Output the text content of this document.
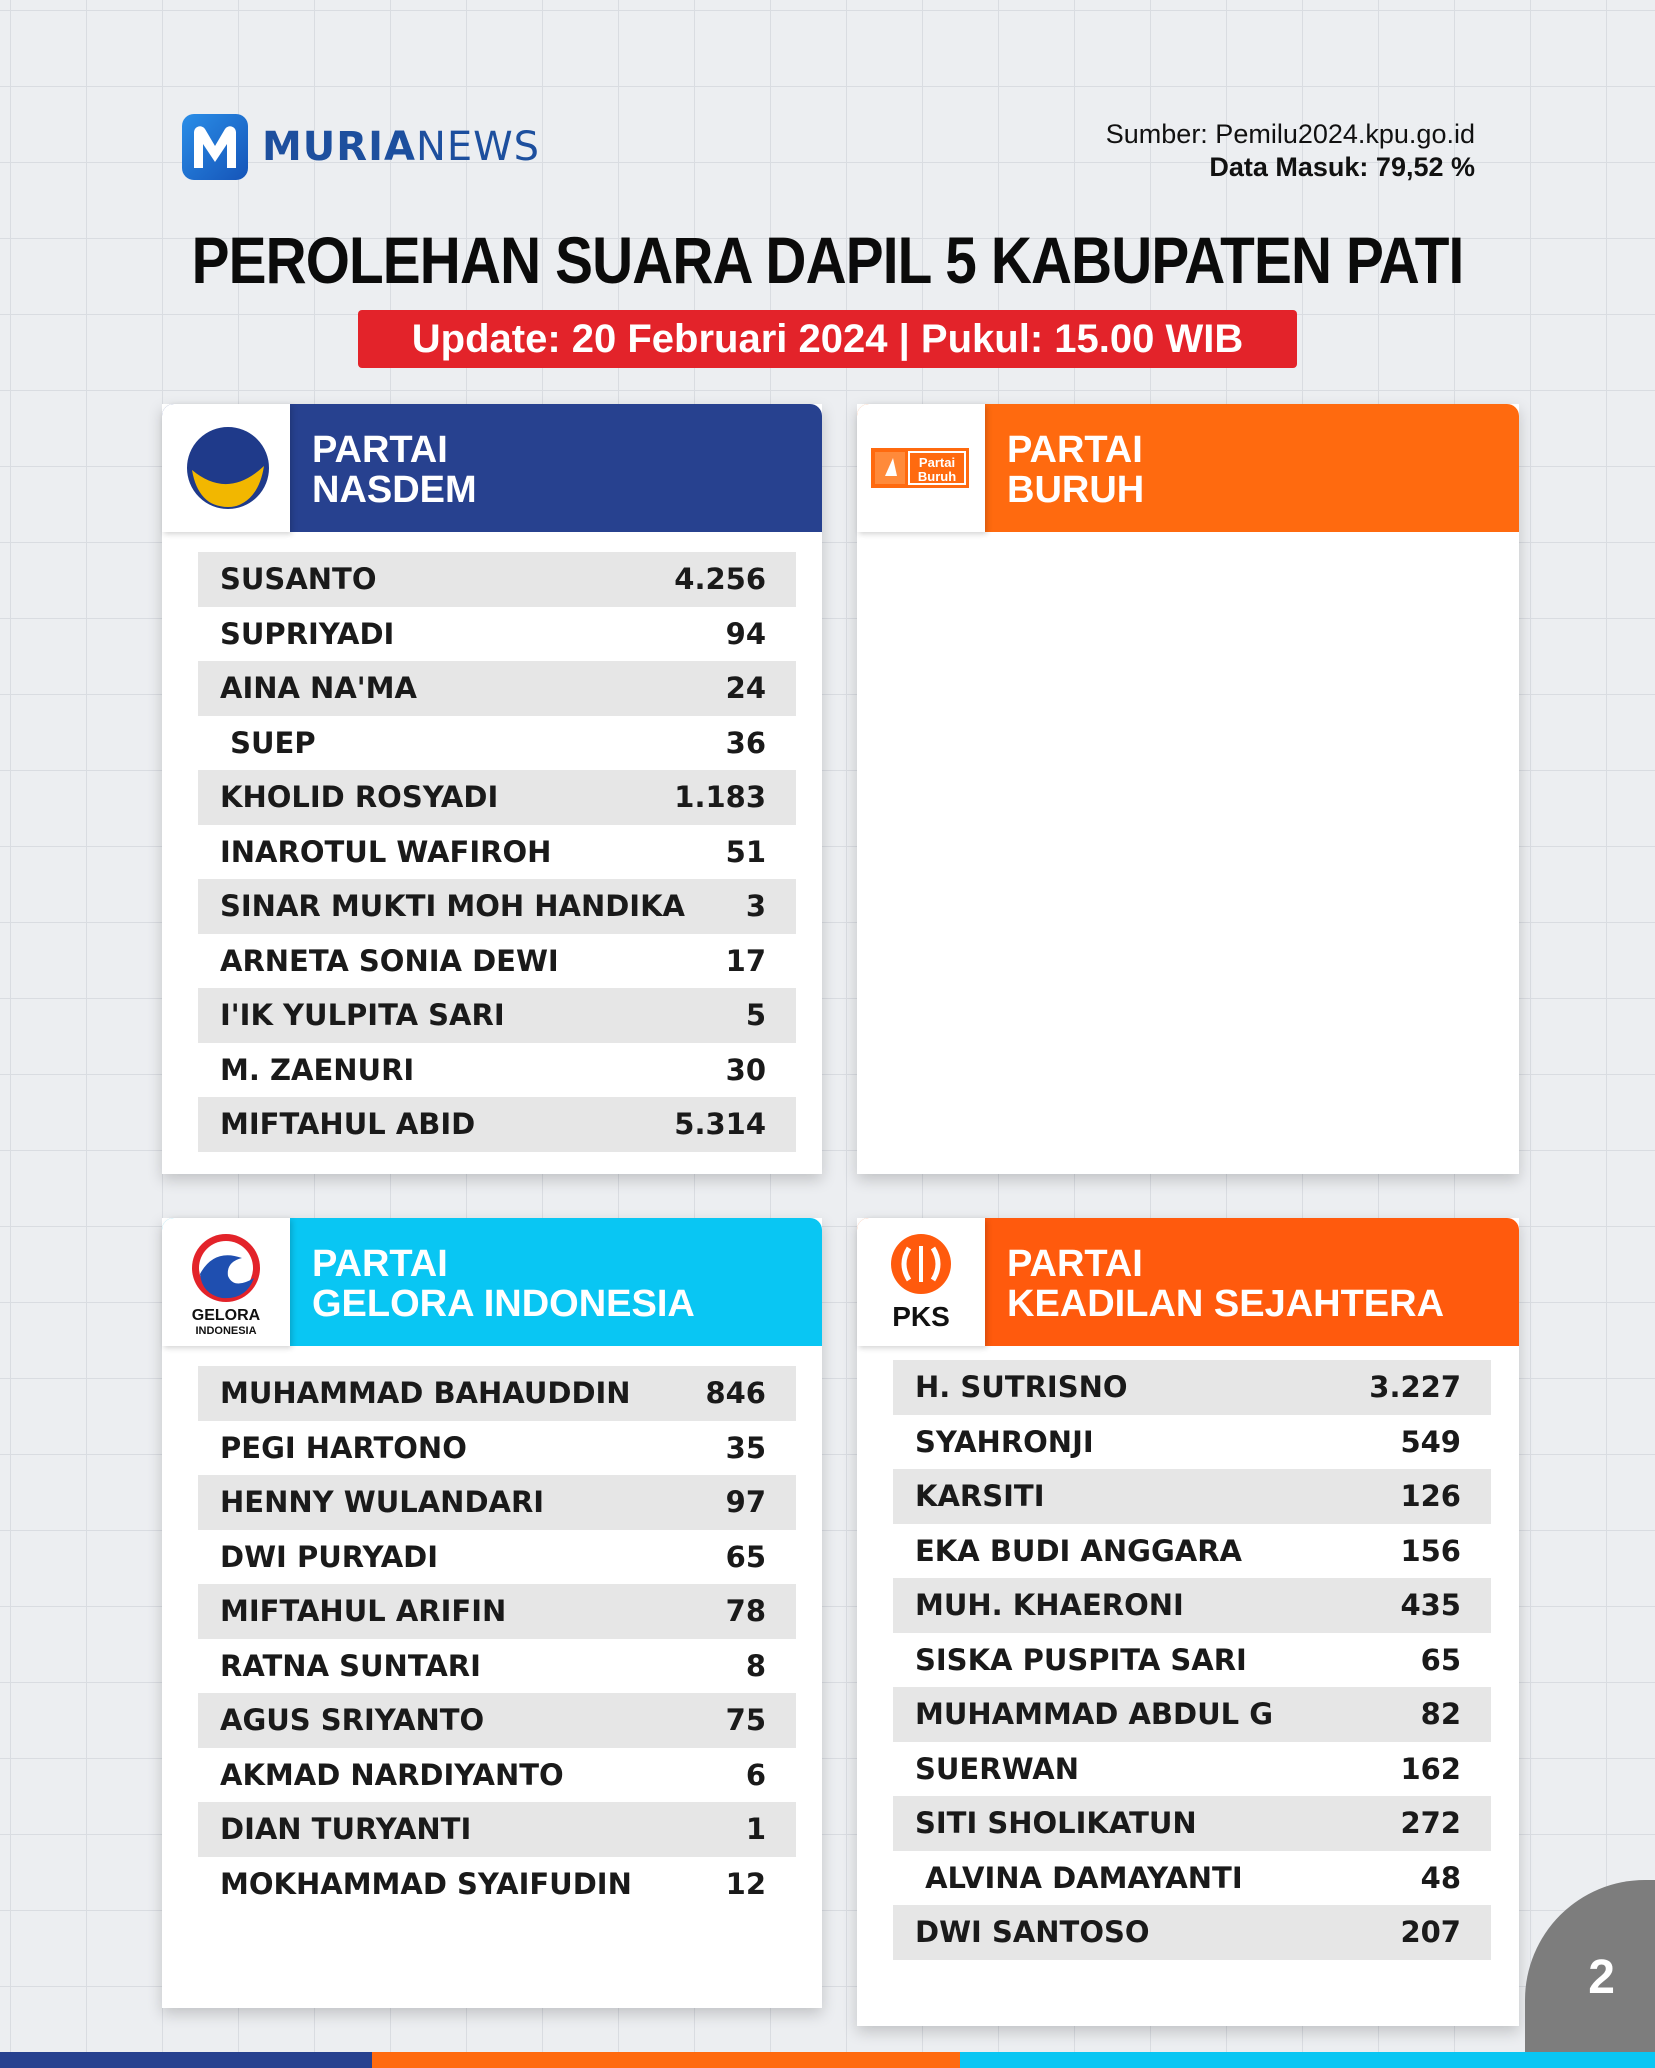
MURIANEWS	Sumber: Pemilu2024.kpu.go.id
Data Masuk: 79,52 %
PEROLEHAN SUARA DAPIL 5 KABUPATEN PATI
Update: 20 Februari 2024 | Pukul: 15.00 WIB
PARTAI
NASDEM
SUSANTO	4.256
SUPRIYADI	94
AINA NA'MA	24
SUEP	36
KHOLID ROSYADI	1.183
INAROTUL WAFIROH	51
SINAR MUKTI MOH HANDIKA 3
ARNETA SONIA DEWI	17
I'IK YULPITA SARI	5
M. ZAENURI	30
MIFTAHUL ABID	5.314
Partai
Buruh
PARTAI
BURUH
GELORA
INDONESIA
PARTAI
GELORA INDONESIA
MUHAMMAD BAHAUDDIN	846
PEGI HARTONO	35
HENNY WULANDARI	97
DWI PURYADI	65
MIFTAHUL ARIFIN	78
RATNA SUNTARI	8
AGUS SRIYANTO	75
AKMAD NARDIYANTO	6
DIAN TURYANTI	1
MOKHAMMAD SYAIFUDIN	12
PKS
PARTAI
KEADILAN SEJAHTERA
H. SUTRISNO	3.227
SYAHRONJI	549
KARSITI	126
EKA BUDI ANGGARA	156
MUH. KHAERONI	435
SISKA PUSPITA SARI	65
MUHAMMAD ABDUL G	82
SUERWAN	162
SITI SHOLIKATUN	272
ALVINA DAMAYANTI	48
DWI SANTOSO	207
2
